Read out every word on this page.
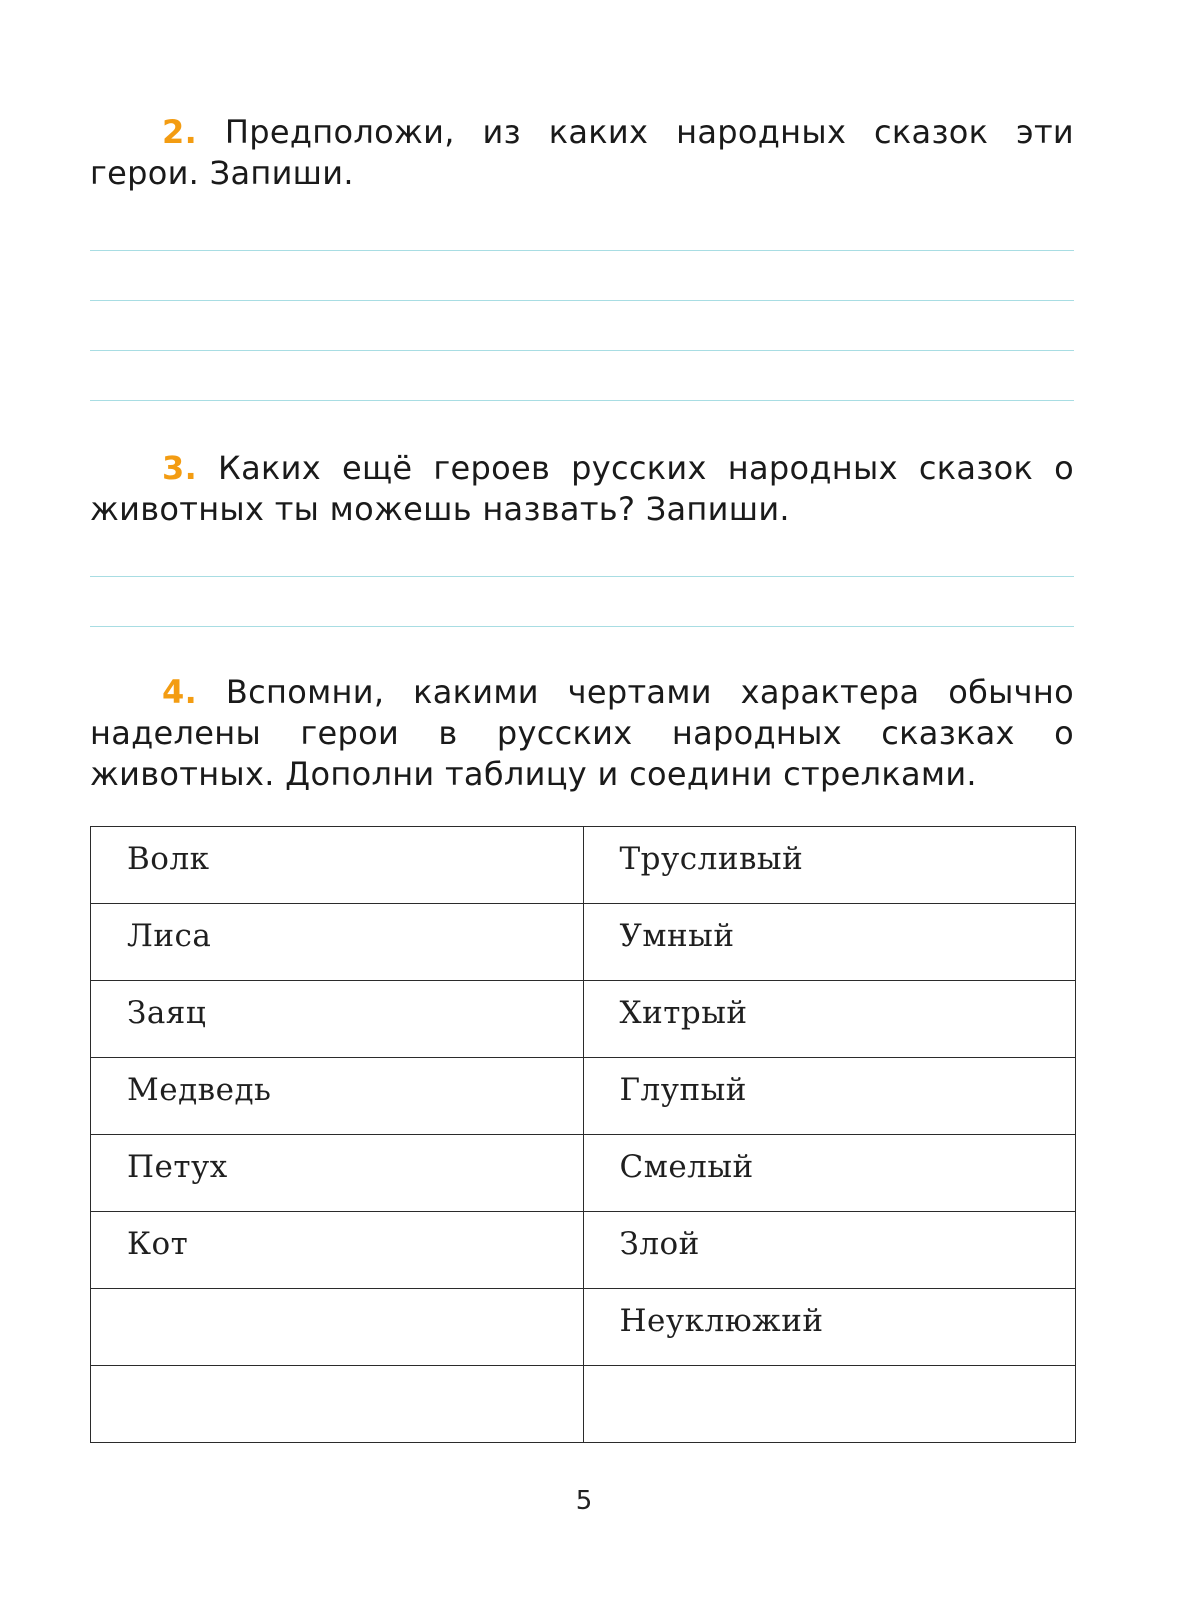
2. Предположи, из каких народных сказок эти герои. Запиши.

3. Каких ещё героев русских народных сказок о животных ты можешь назвать? Запиши.

4. Вспомни, какими чертами характера обычно наделены герои в русских народных сказках о животных. Дополни таблицу и соедини стрелками.

Волк	Трусливый
Лиса	Умный
Заяц	Хитрый
Медведь	Глупый
Петух	Смелый
Кот	Злой
	Неуклюжий

5
